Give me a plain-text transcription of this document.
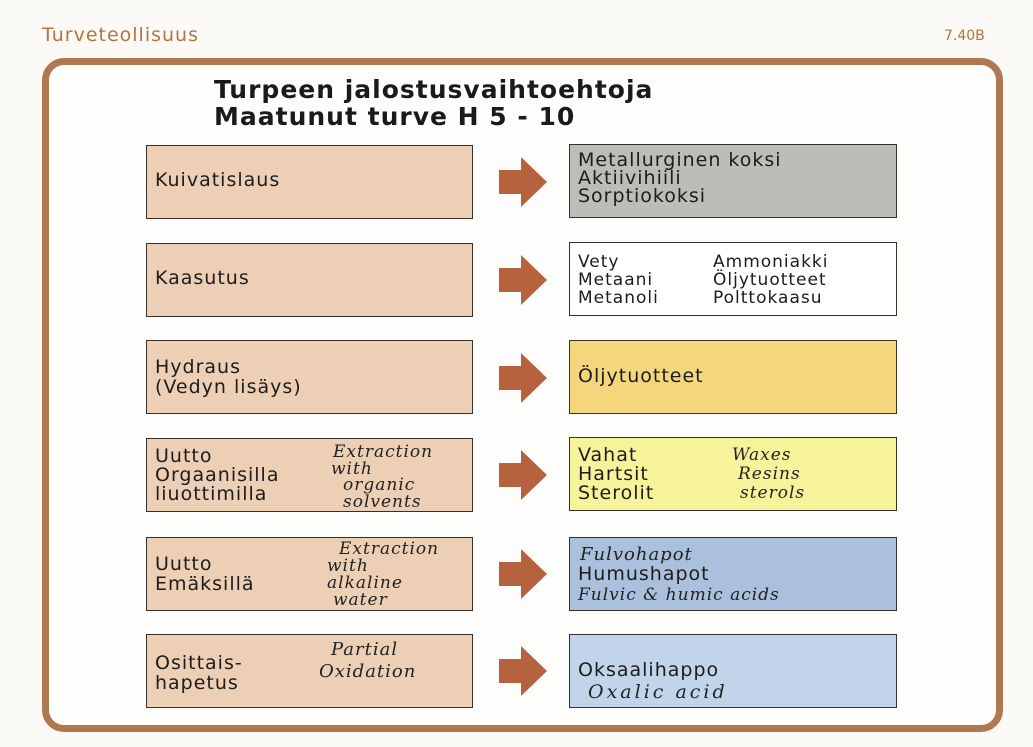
Turveteollisuus	7.40B
Turpeen jalostusvaihtoehtoja
Maatunut turve H 5 - 10
Kuivatislaus
Metallurginen koksi
Aktiivihiili
Sorptiokoksi
Kaasutus
Vety
Metaani
Metanoli
Ammoniakki
Öljytuotteet
Polttokaasu
Hydraus
(Vedyn lisäys)	Öljytuotteet
Uutto
Orgaanisilla
liuottimilla
Extraction
with
organic
solvents
Vahat
Hartsit
Sterolit
Waxes
Resins
sterols
Uutto
Emäksillä
Extraction
with
alkaline
water
Fulvohapot
Humushapot
Fulvic & humic acids
Osittais-
hapetus
Partial
Oxidation	Oksaalihappo
Oxalic acid
